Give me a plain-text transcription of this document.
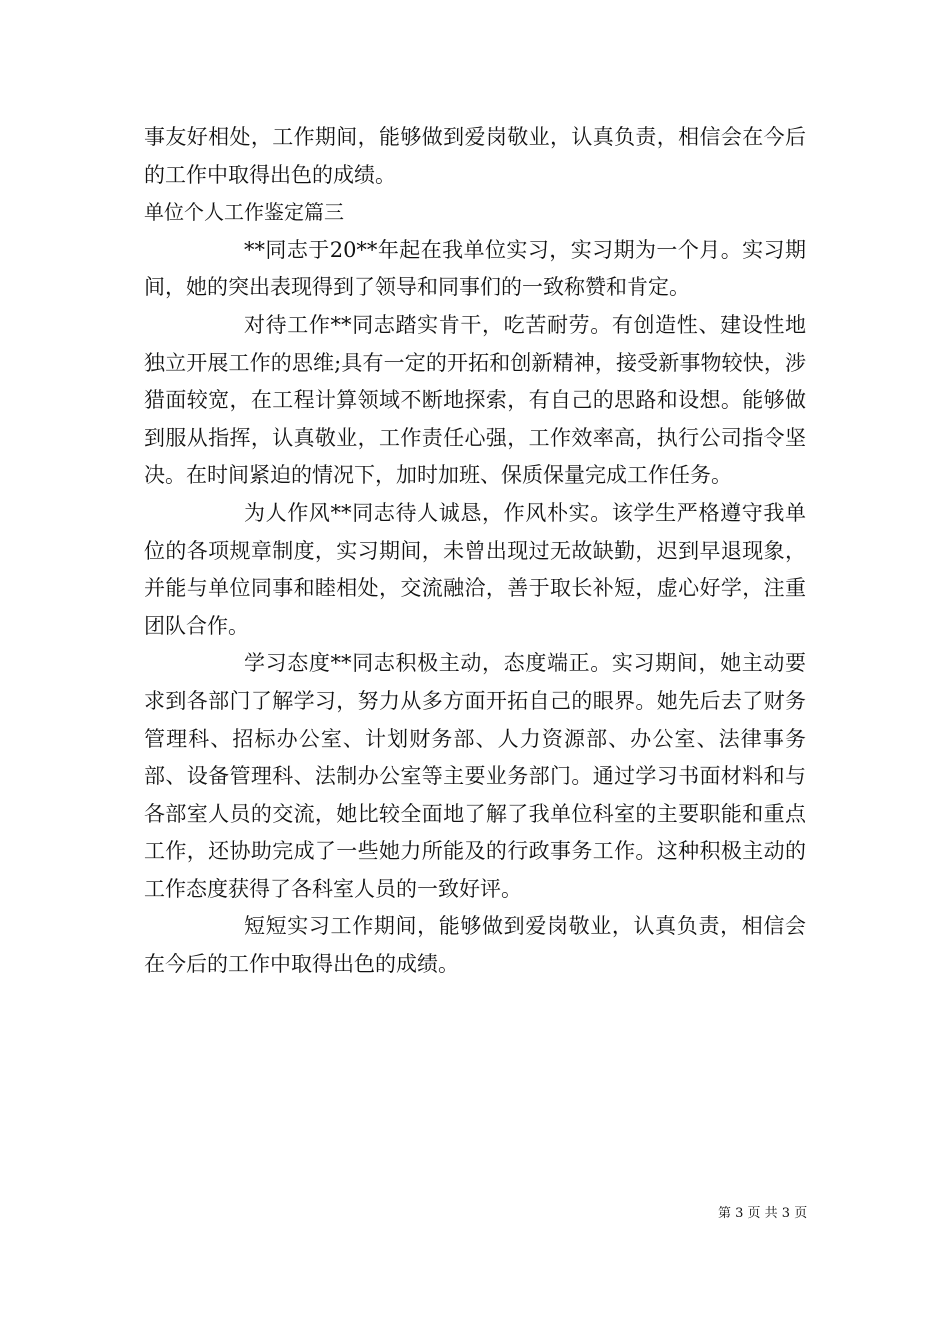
事友好相处，工作期间，能够做到爱岗敬业，认真负责，相信会在今后的工作中取得出色的成绩。

单位个人工作鉴定篇三

**同志于20**年起在我单位实习，实习期为一个月。实习期间，她的突出表现得到了领导和同事们的一致称赞和肯定。

对待工作**同志踏实肯干，吃苦耐劳。有创造性、建设性地独立开展工作的思维;具有一定的开拓和创新精神，接受新事物较快，涉猎面较宽，在工程计算领域不断地探索，有自己的思路和设想。能够做到服从指挥，认真敬业，工作责任心强，工作效率高，执行公司指令坚决。在时间紧迫的情况下，加时加班、保质保量完成工作任务。

为人作风**同志待人诚恳，作风朴实。该学生严格遵守我单位的各项规章制度，实习期间，未曾出现过无故缺勤，迟到早退现象，并能与单位同事和睦相处，交流融洽，善于取长补短，虚心好学，注重团队合作。

学习态度**同志积极主动，态度端正。实习期间，她主动要求到各部门了解学习，努力从多方面开拓自己的眼界。她先后去了财务管理科、招标办公室、计划财务部、人力资源部、办公室、法律事务部、设备管理科、法制办公室等主要业务部门。通过学习书面材料和与各部室人员的交流，她比较全面地了解了我单位科室的主要职能和重点工作，还协助完成了一些她力所能及的行政事务工作。这种积极主动的工作态度获得了各科室人员的一致好评。

短短实习工作期间，能够做到爱岗敬业，认真负责，相信会在今后的工作中取得出色的成绩。

第 3 页 共 3 页
